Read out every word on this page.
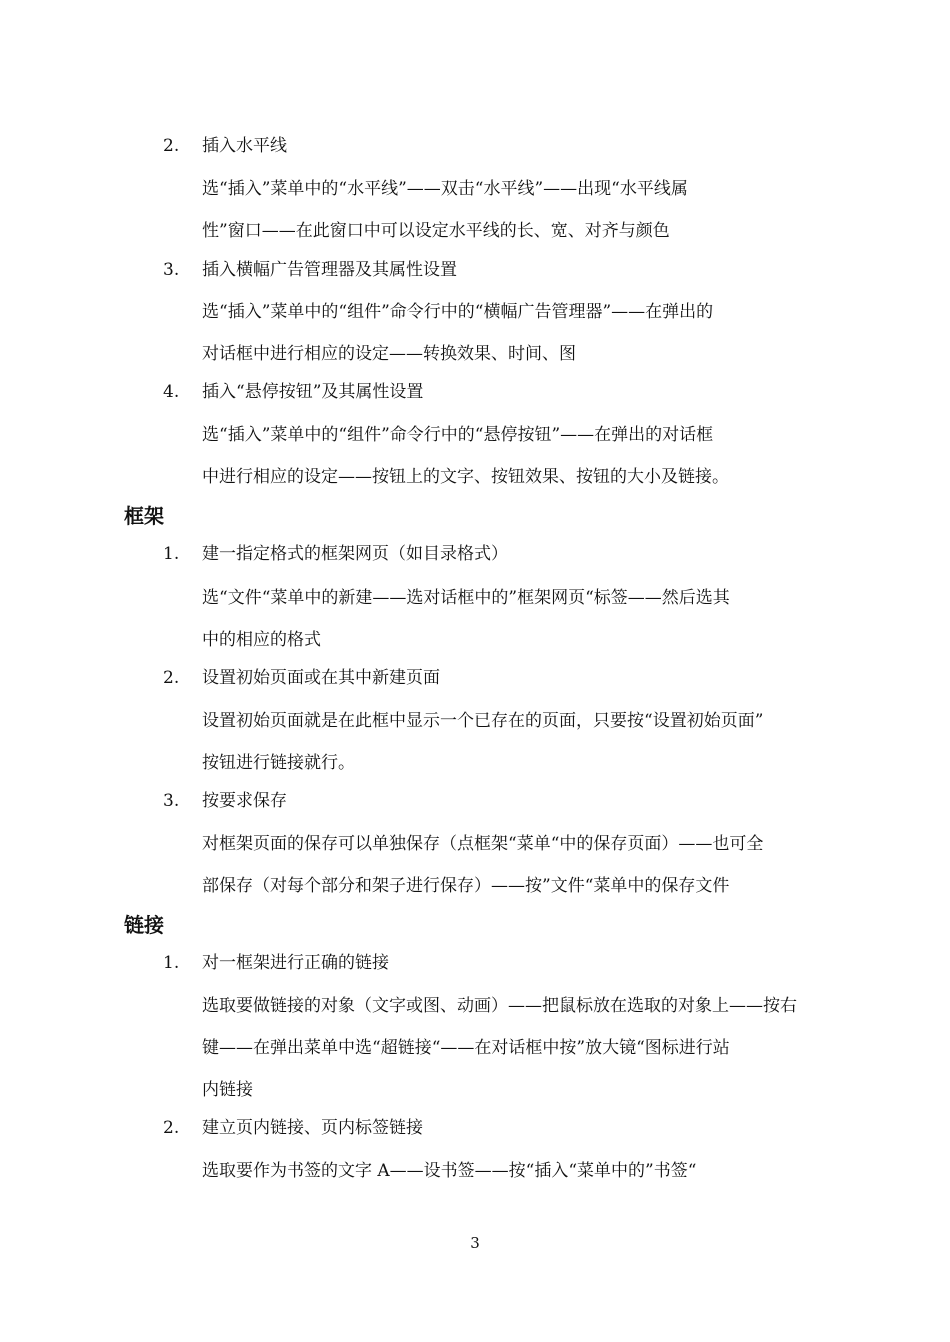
2. 插入水平线
选“插入”菜单中的“水平线”——双击“水平线”——出现“水平线属
性”窗口——在此窗口中可以设定水平线的长、宽、对齐与颜色
3. 插入横幅广告管理器及其属性设置
选“插入”菜单中的“组件”命令行中的“横幅广告管理器”——在弹出的
对话框中进行相应的设定——转换效果、时间、图
4. 插入“悬停按钮”及其属性设置
选“插入”菜单中的“组件”命令行中的“悬停按钮”——在弹出的对话框
中进行相应的设定——按钮上的文字、按钮效果、按钮的大小及链接。
框架
1. 建一指定格式的框架网页（如目录格式）
选“文件“菜单中的新建——选对话框中的”框架网页“标签——然后选其
中的相应的格式
2. 设置初始页面或在其中新建页面
设置初始页面就是在此框中显示一个已存在的页面，只要按“设置初始页面”
按钮进行链接就行。
3. 按要求保存
对框架页面的保存可以单独保存（点框架“菜单“中的保存页面）——也可全
部保存（对每个部分和架子进行保存）——按”文件“菜单中的保存文件
链接
1. 对一框架进行正确的链接
选取要做链接的对象（文字或图、动画）——把鼠标放在选取的对象上——按右
键——在弹出菜单中选“超链接“——在对话框中按”放大镜“图标进行站
内链接
2. 建立页内链接、页内标签链接
选取要作为书签的文字 A——设书签——按“插入“菜单中的”书签“
3
